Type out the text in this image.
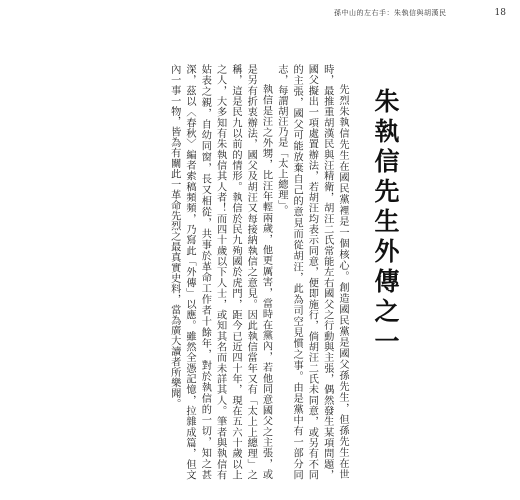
孫中山的左右手：朱執信與胡漢民	18
朱執信先生外傳之一

先烈朱執信先生在國民黨裡是一個核心。創造國民黨是國父孫先生，但孫先生在世時，最推重胡漢民與汪精衛，胡汪二氏常能左右國父之行動與主張，偶然發生某項問題，國父擬出一項處置辦法，若胡汪均表示同意，便即施行，倘胡汪二氏未同意，或另有不同的主張，國父可能放棄自己的意見而從胡汪，此為司空見慣之事。由是黨中有一部分同志，每謂胡汪乃是「太上總理」。

執信是汪之外甥，比汪年輕兩歲，他更厲害，當時在黨內，若他同意國父之主張，或是另有折衷辦法，國父及胡汪又每接納執信之意見。因此執信當年又有「太上上總理」之稱，這是民九以前的情形。執信於民九殉國於虎門，距今已近四十年，現在五六十歲以上之人，大多知有朱執信其人者！而四十歲以下人士，或知其名而未詳其人。筆者與執信有姑表之親，自幼同窗，長又相從，共事於革命工作者十餘年，對於執信的一切，知之甚深，茲以〈春秋〉編者索稿頻頻，乃寫此「外傳」以應。雖然全憑記憶，拉雜成篇，但文內一事一物，皆為有關此一革命先烈之最真實史料，當為廣大讀者所樂聞。
